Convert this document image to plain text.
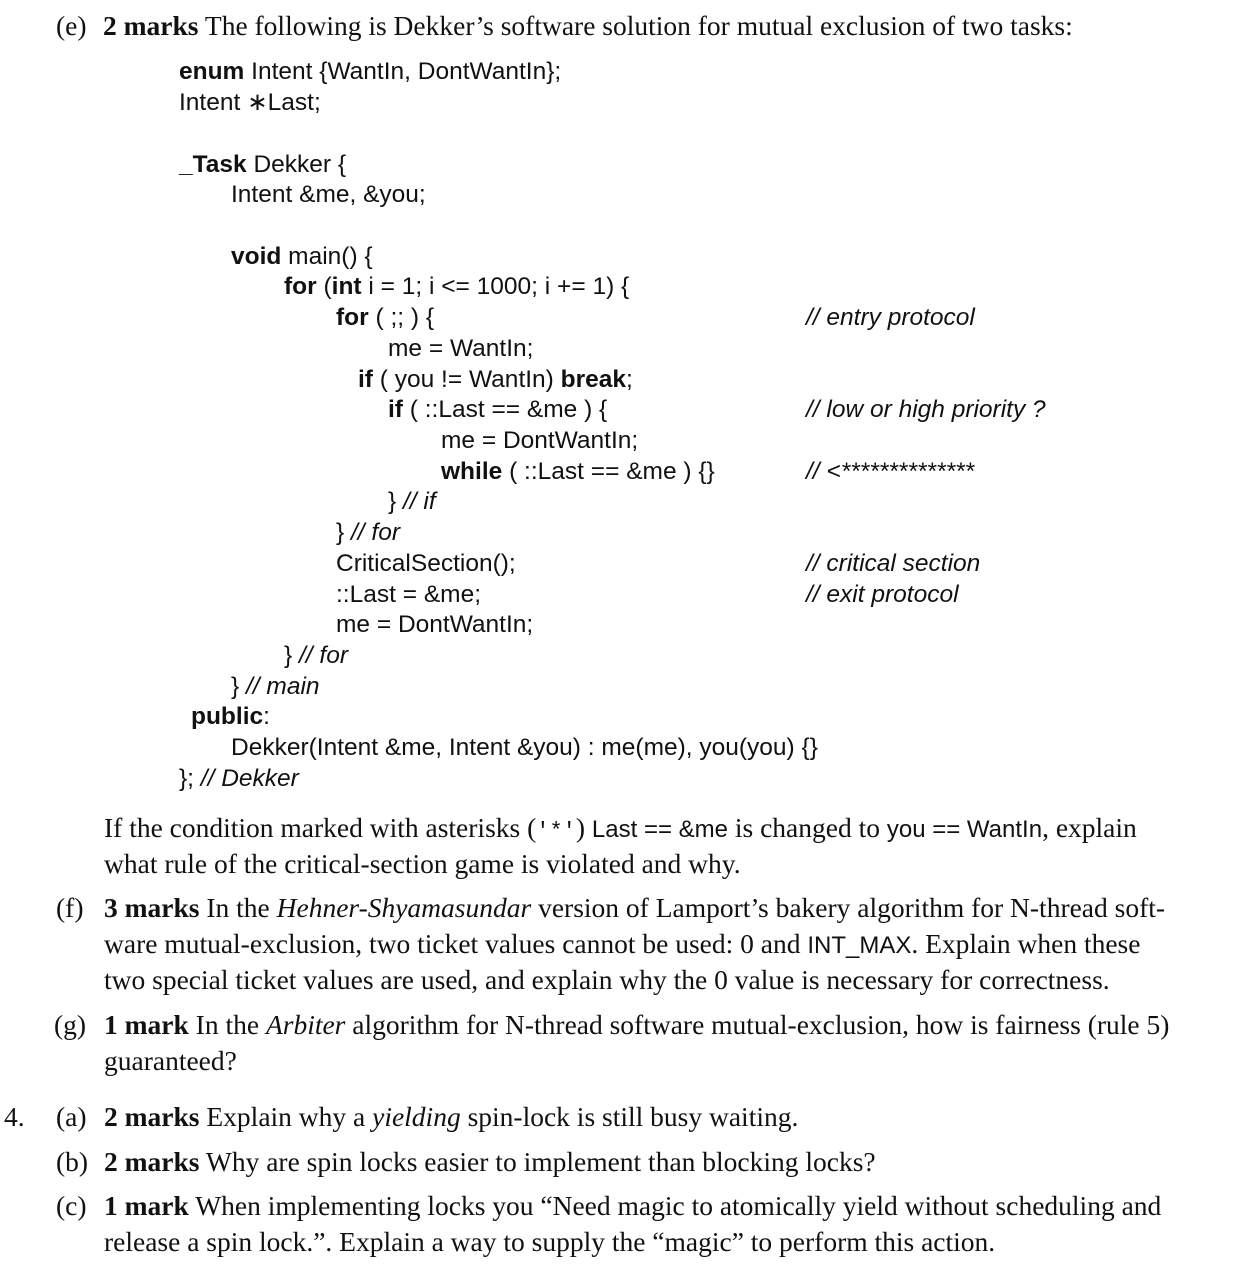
(e) 2 marks The following is Dekker’s software solution for mutual exclusion of two tasks:
enum Intent {WantIn, DontWantIn};
Intent ∗Last;
_Task Dekker {
Intent &me, &you;
void main() {
for (int i = 1; i <= 1000; i += 1) {
for ( ;; ) {	// entry protocol
me = WantIn;
if ( you != WantIn) break;
if ( ::Last == &me ) {	// low or high priority ?
me = DontWantIn;
while ( ::Last == &me ) {}	// <**************
} // if
} // for
CriticalSection();	// critical section
::Last = &me;	// exit protocol
me = DontWantIn;
} // for
} // main
public:
Dekker(Intent &me, Intent &you) : me(me), you(you) {}
}; // Dekker
If the condition marked with asterisks ('*') Last == &me is changed to you == WantIn, explain
what rule of the critical-section game is violated and why.
(f) 3 marks In the Hehner-Shyamasundar version of Lamport’s bakery algorithm for N-thread soft-
ware mutual-exclusion, two ticket values cannot be used: 0 and INT_MAX. Explain when these
two special ticket values are used, and explain why the 0 value is necessary for correctness.
(g) 1 mark In the Arbiter algorithm for N-thread software mutual-exclusion, how is fairness (rule 5)
guaranteed?
4. (a) 2 marks Explain why a yielding spin-lock is still busy waiting.
(b) 2 marks Why are spin locks easier to implement than blocking locks?
(c) 1 mark When implementing locks you “Need magic to atomically yield without scheduling and
release a spin lock.”. Explain a way to supply the “magic” to perform this action.
